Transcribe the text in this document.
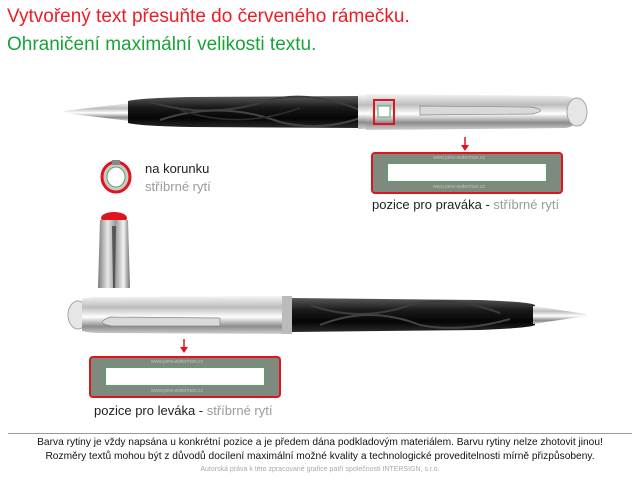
Vytvořený text přesuňte do červeného rámečku.
Ohraničení maximální velikosti textu.
www.pera-waterman.cz
www.pera-waterman.cz
na korunku
stříbrné rytí
pozice pro praváka - stříbrné rytí
www.pera-waterman.cz
www.pera-waterman.cz
pozice pro leváka - stříbrné rytí
Barva rytiny je vždy napsána u konkrétní pozice a je předem dána podkladovým materiálem. Barvu rytiny nelze zhotovit jinou!
Rozměry textů mohou být z důvodů docílení maximální možné kvality a technologické proveditelnosti mírně přizpůsobeny.
Autorská práva k této zpracované grafice patří společnosti INTERSIGN, s.r.o.
